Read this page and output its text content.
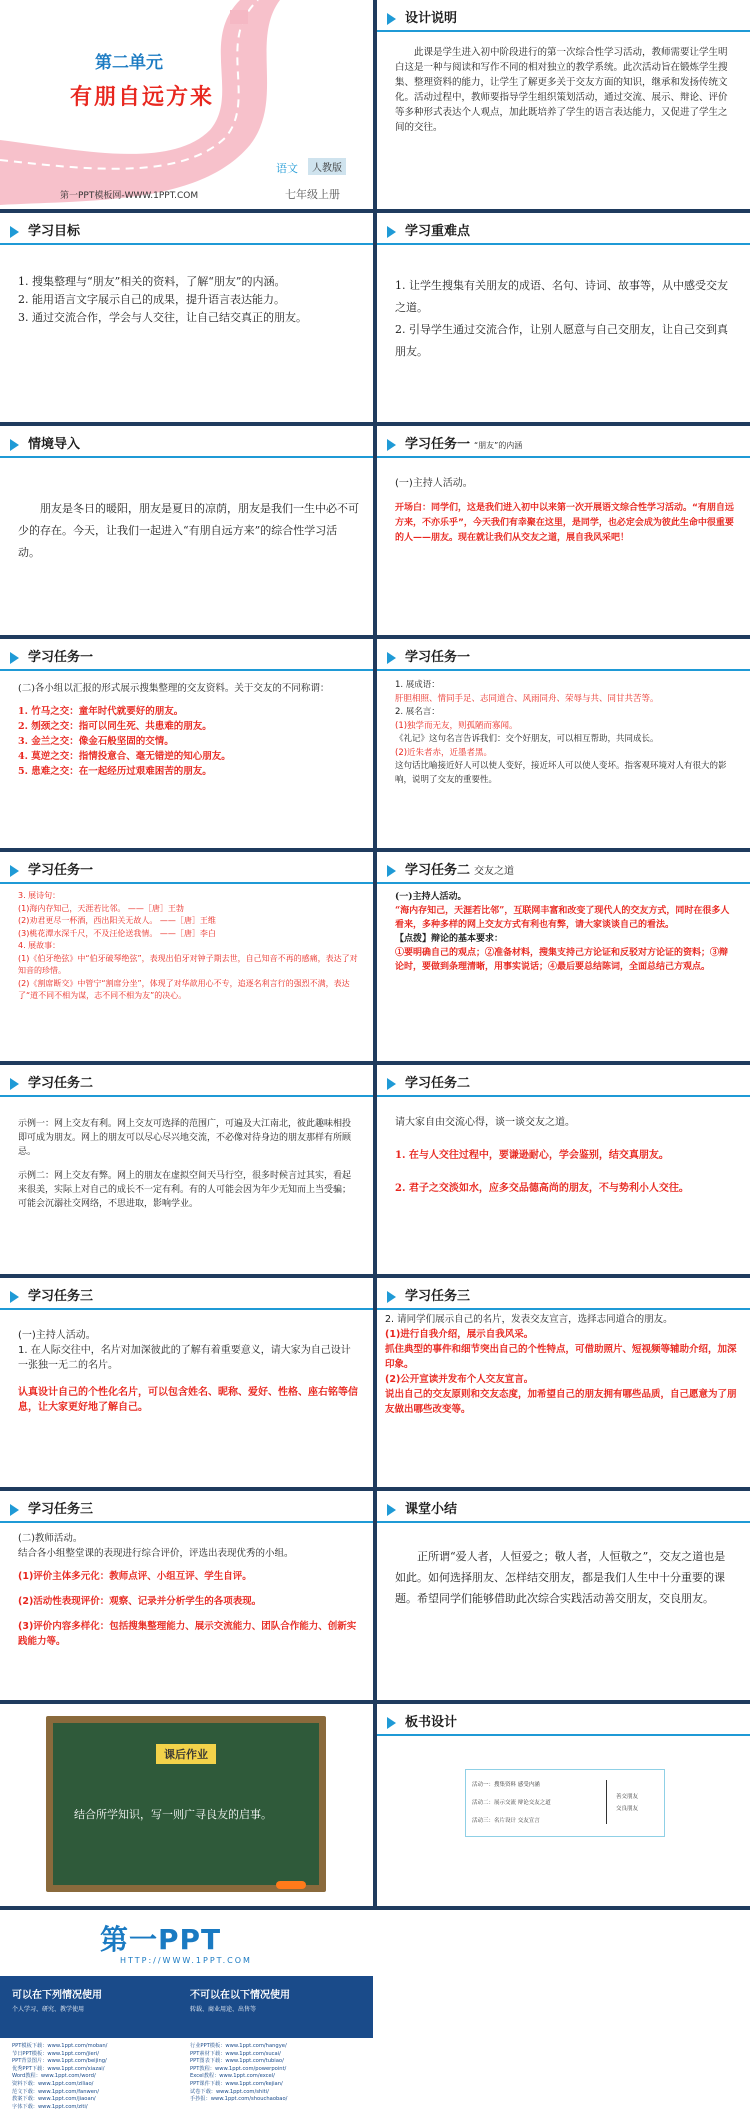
第二单元
有朋自远方来
语文	人教版
七年级上册
第一PPT模板网-WWW.1PPT.COM
设计说明
此课是学生进入初中阶段进行的第一次综合性学习活动，教师需要让学生明白这是一种与阅读和写作不同的相对独立的教学系统。此次活动旨在锻炼学生搜集、整理资料的能力，让学生了解更多关于交友方面的知识，继承和发扬传统文化。活动过程中，教师要指导学生组织策划活动，通过交流、展示、辩论、评价等多种形式表达个人观点，加此既培养了学生的语言表达能力，又促进了学生之间的交往。
学习目标

1. 搜集整理与“朋友”相关的资料，了解“朋友”的内涵。

2. 能用语言文字展示自己的成果，提升语言表达能力。

3. 通过交流合作，学会与人交往，让自己结交真正的朋友。

学习重难点

1. 让学生搜集有关朋友的成语、名句、诗词、故事等，从中感受交友之道。

2. 引导学生通过交流合作，让别人愿意与自己交朋友，让自己交到真朋友。

情境导入
朋友是冬日的暖阳，朋友是夏日的凉荫，朋友是我们一生中必不可少的存在。今天，让我们一起进入“有朋自远方来”的综合性学习活动。
学习任务一 “朋友”的内涵

(一)主持人活动。

开场白：同学们，这是我们进入初中以来第一次开展语文综合性学习活动。“有朋自远方来，不亦乐乎”，今天我们有幸聚在这里，是同学，也必定会成为彼此生命中很重要的人——朋友。现在就让我们从交友之道，展自我风采吧！

学习任务一

(二)各小组以汇报的形式展示搜集整理的交友资料。关于交友的不同称谓：

1. 竹马之交：童年时代就要好的朋友。

2. 刎颈之交：指可以同生死、共患难的朋友。

3. 金兰之交：像金石般坚固的交情。

4. 莫逆之交：指情投意合、毫无错逆的知心朋友。

5. 患难之交：在一起经历过艰难困苦的朋友。

学习任务一

1. 展成语：

肝胆相照、情同手足、志同道合、风雨同舟、荣辱与共、同甘共苦等。

2. 展名言：

(1)独学而无友，则孤陋而寡闻。

《礼记》这句名言告诉我们：交个好朋友，可以相互帮助，共同成长。

(2)近朱者赤，近墨者黑。

这句话比喻接近好人可以使人变好，接近坏人可以使人变坏。指客观环境对人有很大的影响，说明了交友的重要性。

学习任务一

3. 展诗句：

(1)海内存知己，天涯若比邻。 ——［唐］王勃

(2)劝君更尽一杯酒，西出阳关无故人。 ——［唐］王维

(3)桃花潭水深千尺，不及汪伦送我情。 ——［唐］李白

4. 展故事：

(1)《伯牙绝弦》中“伯牙破琴绝弦”，表现出伯牙对钟子期去世，自己知音不再的感痛，表达了对知音的珍惜。

(2)《割席断交》中管宁“割席分坐”，体现了对华歆用心不专，追逐名利言行的强烈不满，表达了“道不同不相为谋，志不同不相为友”的决心。

学习任务二 交友之道

(一)主持人活动。

“海内存知己，天涯若比邻”，互联网丰富和改变了现代人的交友方式，同时在很多人看来，多种多样的网上交友方式有利也有弊，请大家谈谈自己的看法。

【点拨】辩论的基本要求：

①要明确自己的观点；②准备材料，搜集支持己方论证和反驳对方论证的资料；③辩论时，要做到条理清晰，用事实说话；④最后要总结陈词，全面总结己方观点。

学习任务二

示例一：网上交友有利。网上交友可选择的范围广，可遍及大江南北，彼此趣味相投即可成为朋友。网上的朋友可以尽心尽兴地交流，不必像对待身边的朋友那样有所顾忌。

示例二：网上交友有弊。网上的朋友在虚拟空间天马行空，很多时候言过其实，看起来很美，实际上对自己的成长不一定有利。有的人可能会因为年少无知而上当受骗；可能会沉溺社交网络，不思进取，影响学业。

学习任务二

请大家自由交流心得，谈一谈交友之道。

1. 在与人交往过程中，要谦逊耐心，学会鉴别，结交真朋友。

2. 君子之交淡如水，应多交品德高尚的朋友，不与势利小人交往。

学习任务三

(一)主持人活动。

1. 在人际交往中，名片对加深彼此的了解有着重要意义，请大家为自己设计一张独一无二的名片。

认真设计自己的个性化名片，可以包含姓名、昵称、爱好、性格、座右铭等信息，让大家更好地了解自己。

学习任务三

2. 请同学们展示自己的名片，发表交友宣言，选择志同道合的朋友。

(1)进行自我介绍，展示自我风采。

抓住典型的事件和细节突出自己的个性特点，可借助照片、短视频等辅助介绍，加深印象。

(2)公开宣读并发布个人交友宣言。

说出自己的交友原则和交友态度，加希望自己的朋友拥有哪些品质，自己愿意为了朋友做出哪些改变等。

学习任务三

(二)教师活动。

结合各小组整堂课的表现进行综合评价，评选出表现优秀的小组。

(1)评价主体多元化：教师点评、小组互评、学生自评。

(2)活动性表现评价：观察、记录并分析学生的各项表现。

(3)评价内容多样化：包括搜集整理能力、展示交流能力、团队合作能力、创新实践能力等。

课堂小结
正所谓“爱人者，人恒爱之；敬人者，人恒敬之”，交友之道也是如此。如何选择朋友、怎样结交朋友，都是我们人生中十分重要的课题。希望同学们能够借助此次综合实践活动善交朋友，交良朋友。
课后作业
结合所学知识，写一则广寻良友的启事。
板书设计
活动一：搜集资料 感受内涵
活动二：展示交流 辩论交友之道
活动三：名片设计 交友宣言
善交朋友
交良朋友
第一PPT
HTTP://WWW.1PPT.COM
可以在下列情况使用
个人学习、研究、教学使用
不可以在以下情况使用
转载、商业用途、出售等
PPT模板下载：www.1ppt.com/moban/
节日PPT模板：www.1ppt.com/jieri/
PPT背景图片：www.1ppt.com/beijing/
优秀PPT下载：www.1ppt.com/xiazai/
Word教程：www.1ppt.com/word/
资料下载：www.1ppt.com/ziliao/
范文下载：www.1ppt.com/fanwen/
教案下载：www.1ppt.com/jiaoan/
字体下载：www.1ppt.com/ziti/
行业PPT模板：www.1ppt.com/hangye/
PPT素材下载：www.1ppt.com/sucai/
PPT图表下载：www.1ppt.com/tubiao/
PPT教程：www.1ppt.com/powerpoint/
Excel教程：www.1ppt.com/excel/
PPT课件下载：www.1ppt.com/kejian/
试卷下载：www.1ppt.com/shiti/
手抄报：www.1ppt.com/shouchaobao/
